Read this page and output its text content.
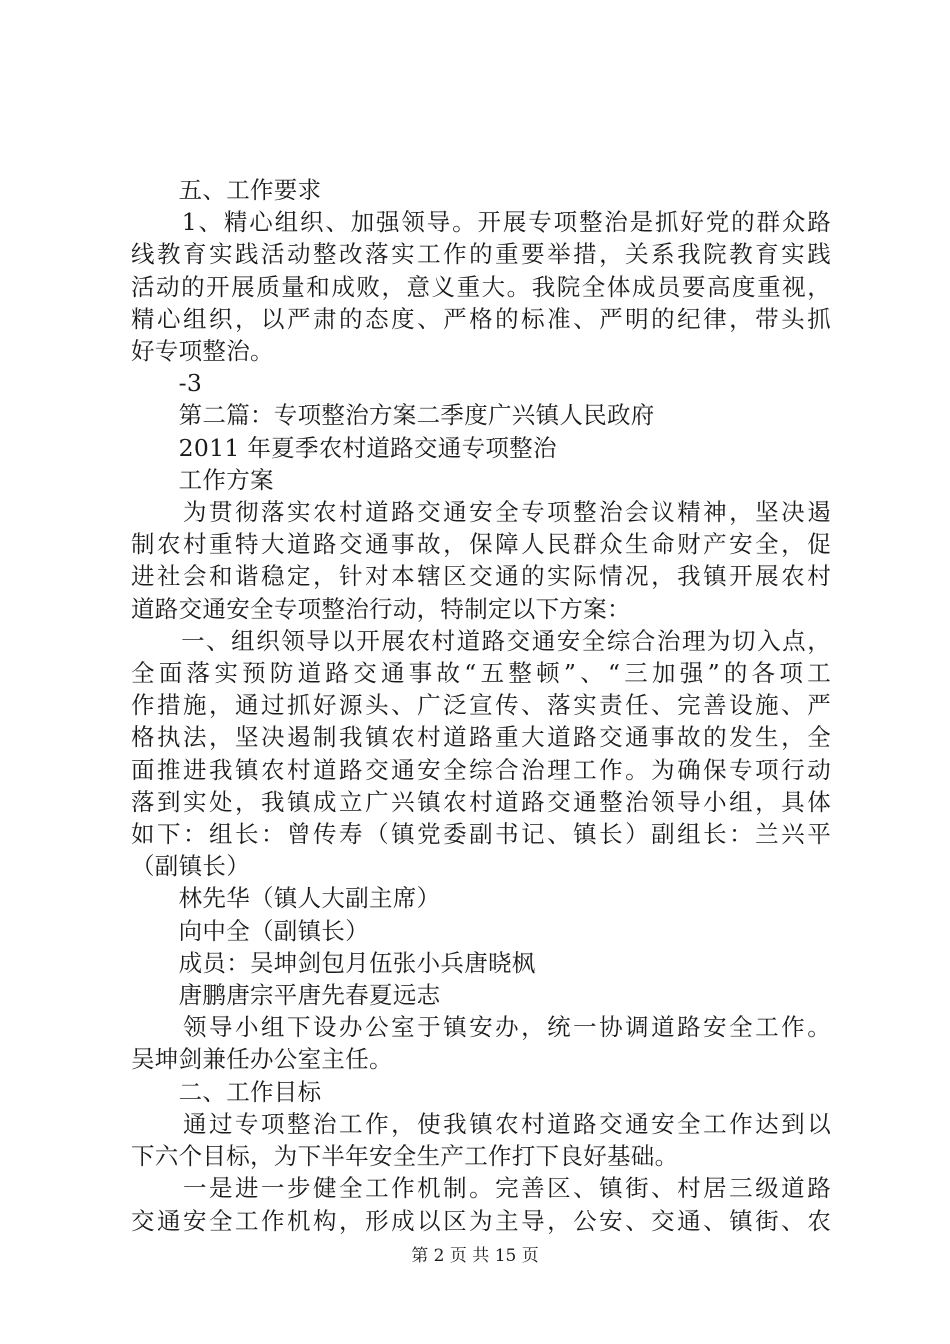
　　五、工作要求
　　1、精心组织、加强领导。开展专项整治是抓好党的群众路
线教育实践活动整改落实工作的重要举措，关系我院教育实践
活动的开展质量和成败，意义重大。我院全体成员要高度重视，
精心组织，以严肃的态度、严格的标准、严明的纪律，带头抓
好专项整治。
　　-3
　　第二篇：专项整治方案二季度广兴镇人民政府
　　2011 年夏季农村道路交通专项整治
　　工作方案
　　为贯彻落实农村道路交通安全专项整治会议精神，坚决遏
制农村重特大道路交通事故，保障人民群众生命财产安全，促
进社会和谐稳定，针对本辖区交通的实际情况，我镇开展农村
道路交通安全专项整治行动，特制定以下方案：
　　一、组织领导以开展农村道路交通安全综合治理为切入点，
全面落实预防道路交通事故“五整顿”、“三加强”的各项工
作措施，通过抓好源头、广泛宣传、落实责任、完善设施、严
格执法，坚决遏制我镇农村道路重大道路交通事故的发生，全
面推进我镇农村道路交通安全综合治理工作。为确保专项行动
落到实处，我镇成立广兴镇农村道路交通整治领导小组，具体
如下：组长：曾传寿（镇党委副书记、镇长）副组长：兰兴平
（副镇长）
　　林先华（镇人大副主席）
　　向中全（副镇长）
　　成员：吴坤剑包月伍张小兵唐晓枫
　　唐鹏唐宗平唐先春夏远志
　　领导小组下设办公室于镇安办，统一协调道路安全工作。
吴坤剑兼任办公室主任。
　　二、工作目标
　　通过专项整治工作，使我镇农村道路交通安全工作达到以
下六个目标，为下半年安全生产工作打下良好基础。
　　一是进一步健全工作机制。完善区、镇街、村居三级道路
交通安全工作机构，形成以区为主导，公安、交通、镇街、农
第 2 页 共 15 页
